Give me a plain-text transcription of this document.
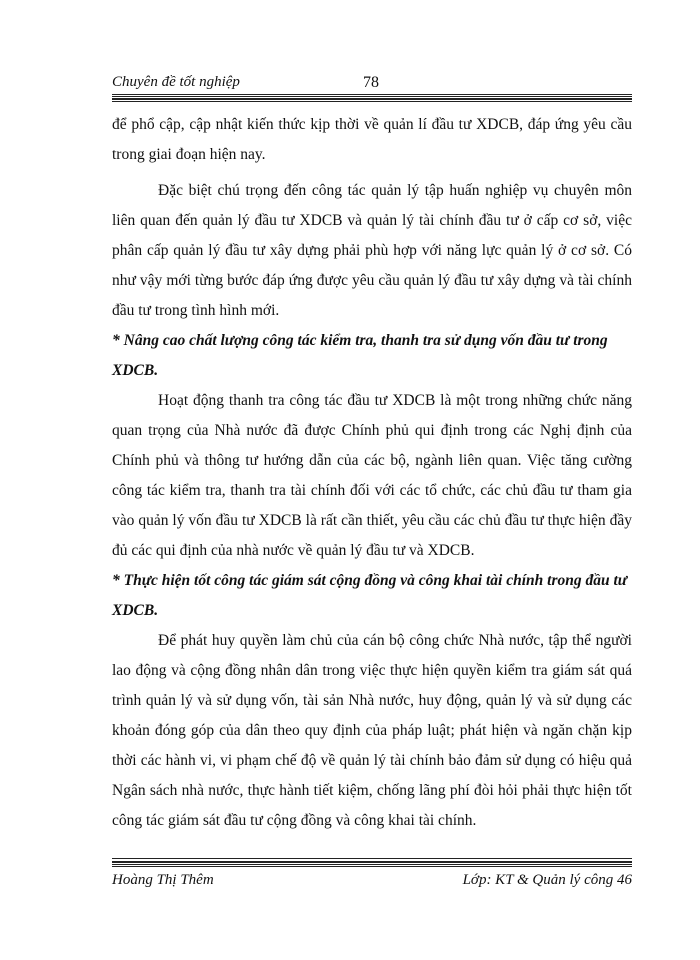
Chuyên đề tốt nghiệp	78

để phổ cập, cập nhật kiến thức kịp thời về quản lí đầu tư XDCB, đáp ứng yêu cầu trong giai đoạn hiện nay.

Đặc biệt chú trọng đến công tác quản lý tập huấn nghiệp vụ chuyên môn liên quan đến quản lý đầu tư XDCB và quản lý tài chính đầu tư ở cấp cơ sở, việc phân cấp quản lý đầu tư xây dựng phải phù hợp với năng lực quản lý ở cơ sở. Có như vậy mới từng bước đáp ứng được yêu cầu quản lý đầu tư xây dựng và tài chính đầu tư trong tình hình mới.

* Nâng cao chất lượng công tác kiểm tra, thanh tra sử dụng vốn đầu tư trong XDCB.

Hoạt động thanh tra công tác đầu tư XDCB là một trong những chức năng quan trọng của Nhà nước đã được Chính phủ qui định trong các Nghị định của Chính phủ và thông tư hướng dẫn của các bộ, ngành liên quan. Việc tăng cường công tác kiểm tra, thanh tra tài chính đối với các tổ chức, các chủ đầu tư tham gia vào quản lý vốn đầu tư XDCB là rất cần thiết, yêu cầu các chủ đầu tư thực hiện đầy đủ các qui định của nhà nước về quản lý đầu tư và XDCB.

* Thực hiện tốt công tác giám sát cộng đồng và công khai tài chính trong đầu tư XDCB.

Để phát huy quyền làm chủ của cán bộ công chức Nhà nước, tập thể người lao động và cộng đồng nhân dân trong việc thực hiện quyền kiểm tra giám sát quá trình quản lý và sử dụng vốn, tài sản Nhà nước, huy động, quản lý và sử dụng các khoản đóng góp của dân theo quy định của pháp luật; phát hiện và ngăn chặn kịp thời các hành vi, vi phạm chế độ về quản lý tài chính bảo đảm sử dụng có hiệu quả Ngân sách nhà nước, thực hành tiết kiệm, chống lãng phí đòi hỏi phải thực hiện tốt công tác giám sát đầu tư cộng đồng và công khai tài chính.

Hoàng Thị Thêm	Lớp: KT & Quản lý công 46
